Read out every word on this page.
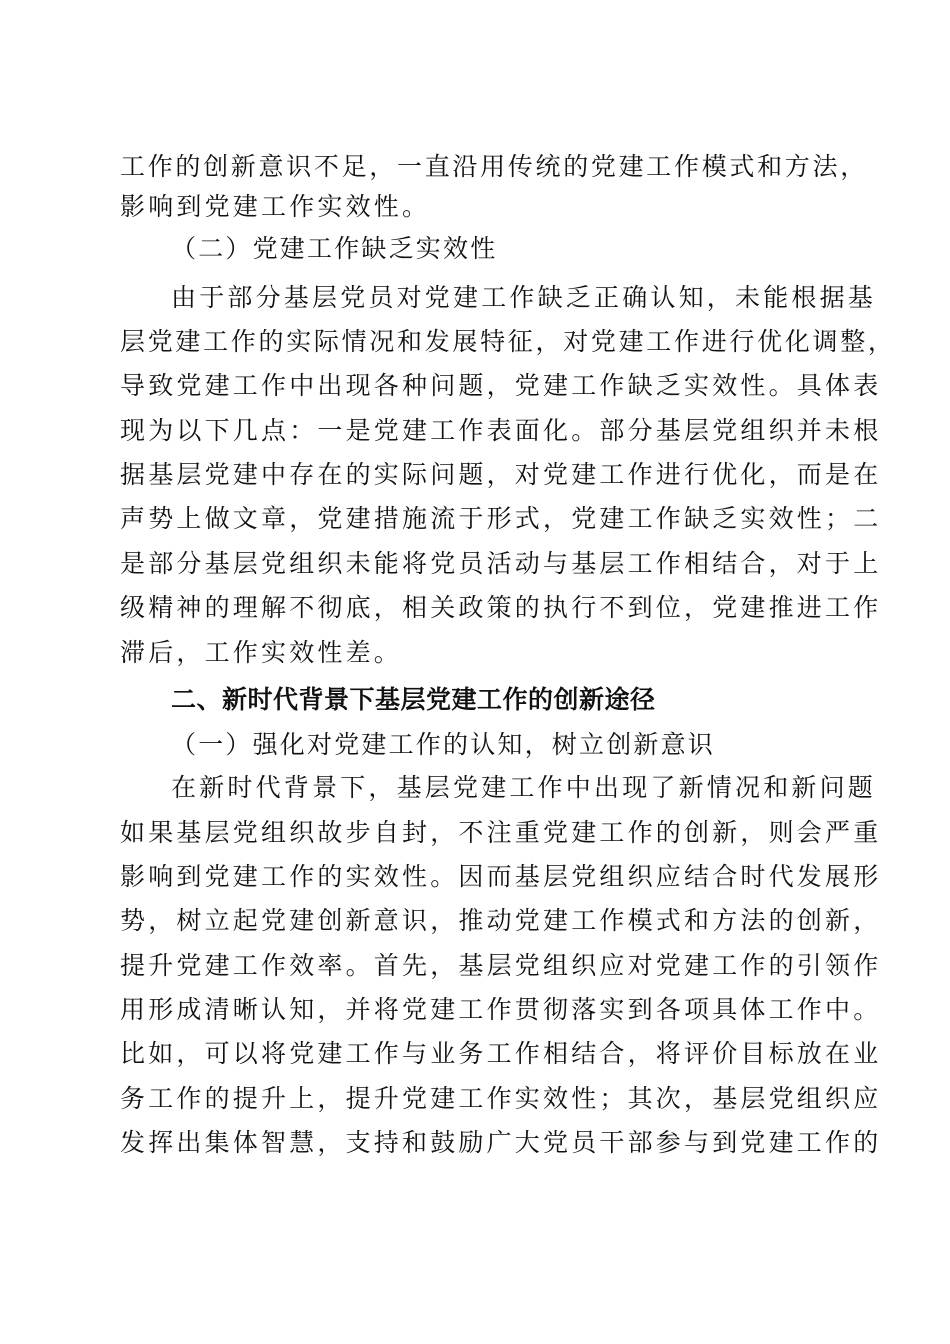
工作的创新意识不足，一直沿用传统的党建工作模式和方法，
影响到党建工作实效性。
（二）党建工作缺乏实效性
由于部分基层党员对党建工作缺乏正确认知，未能根据基
层党建工作的实际情况和发展特征，对党建工作进行优化调整，
导致党建工作中出现各种问题，党建工作缺乏实效性。具体表
现为以下几点：一是党建工作表面化。部分基层党组织并未根
据基层党建中存在的实际问题，对党建工作进行优化，而是在
声势上做文章，党建措施流于形式，党建工作缺乏实效性；二
是部分基层党组织未能将党员活动与基层工作相结合，对于上
级精神的理解不彻底，相关政策的执行不到位，党建推进工作
滞后，工作实效性差。
二、新时代背景下基层党建工作的创新途径
（一）强化对党建工作的认知，树立创新意识
在新时代背景下，基层党建工作中出现了新情况和新问题
如果基层党组织故步自封，不注重党建工作的创新，则会严重
影响到党建工作的实效性。因而基层党组织应结合时代发展形
势，树立起党建创新意识，推动党建工作模式和方法的创新，
提升党建工作效率。首先，基层党组织应对党建工作的引领作
用形成清晰认知，并将党建工作贯彻落实到各项具体工作中。
比如，可以将党建工作与业务工作相结合，将评价目标放在业
务工作的提升上，提升党建工作实效性；其次，基层党组织应
发挥出集体智慧，支持和鼓励广大党员干部参与到党建工作的
